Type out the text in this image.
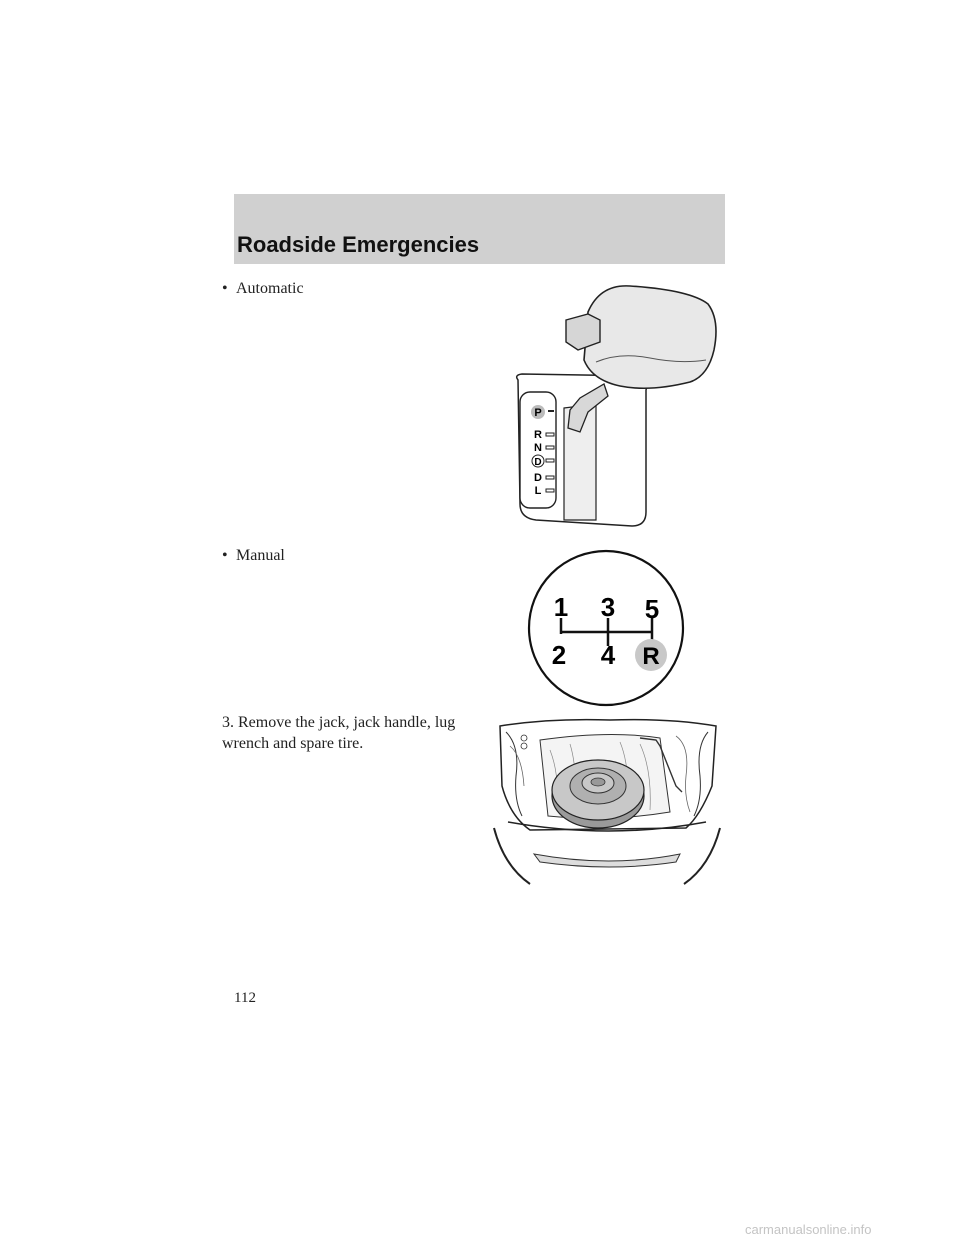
Roadside Emergencies
• Automatic
P
R
N
D
D
L
• Manual
1 3 5
2 4 R
3. Remove the jack, jack handle, lug
wrench and spare tire.
112
carmanualsonline.info
